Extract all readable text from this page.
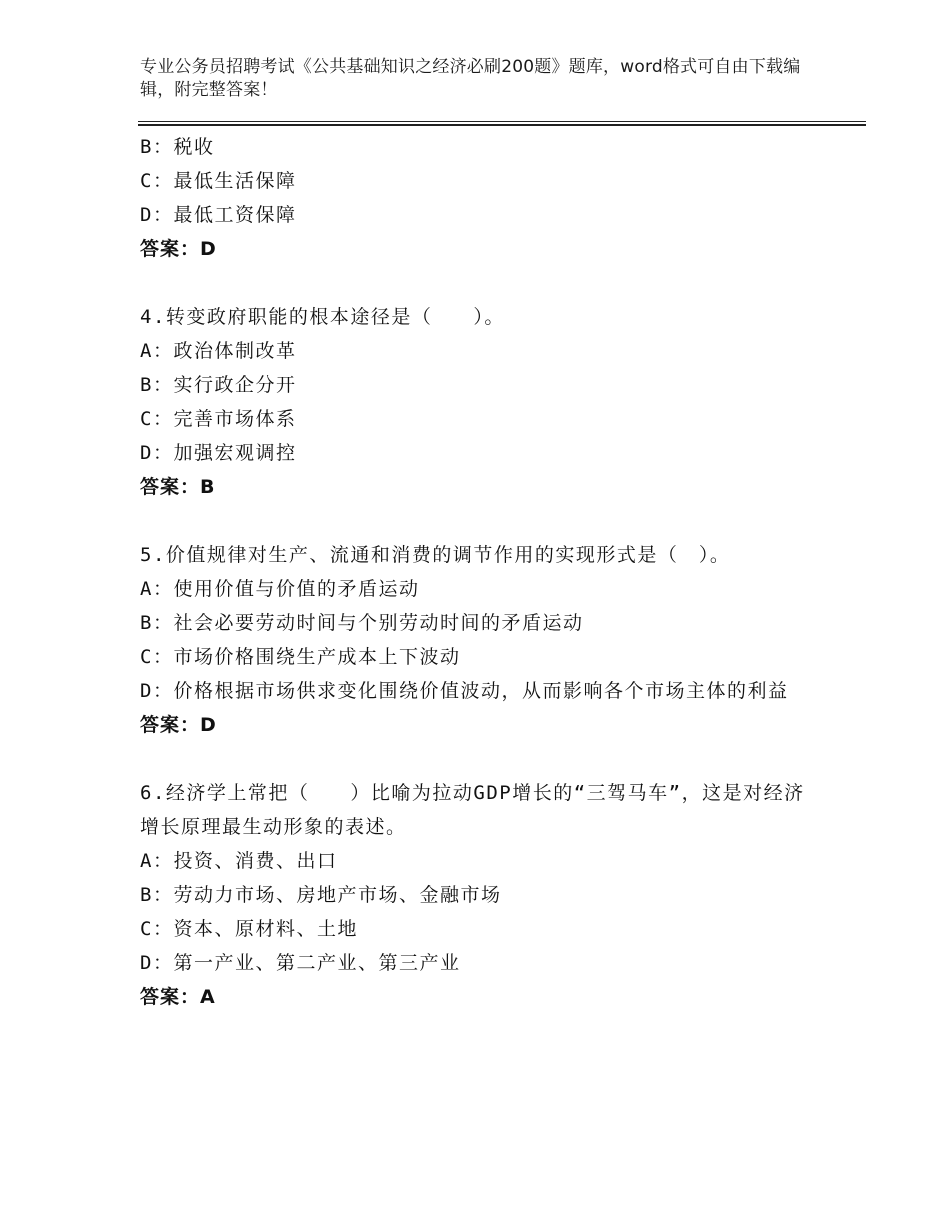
专业公务员招聘考试《公共基础知识之经济必刷200题》题库，word格式可自由下载编辑，附完整答案！
B：税收
C：最低生活保障
D：最低工资保障
答案：D
4.转变政府职能的根本途径是（　　）。
A：政治体制改革
B：实行政企分开
C：完善市场体系
D：加强宏观调控
答案：B
5.价值规律对生产、流通和消费的调节作用的实现形式是（　）。
A：使用价值与价值的矛盾运动
B：社会必要劳动时间与个别劳动时间的矛盾运动
C：市场价格围绕生产成本上下波动
D：价格根据市场供求变化围绕价值波动，从而影响各个市场主体的利益
答案：D
6.经济学上常把（　　）比喻为拉动GDP增长的“三驾马车”，这是对经济增长原理最生动形象的表述。
A：投资、消费、出口
B：劳动力市场、房地产市场、金融市场
C：资本、原材料、土地
D：第一产业、第二产业、第三产业
答案：A
